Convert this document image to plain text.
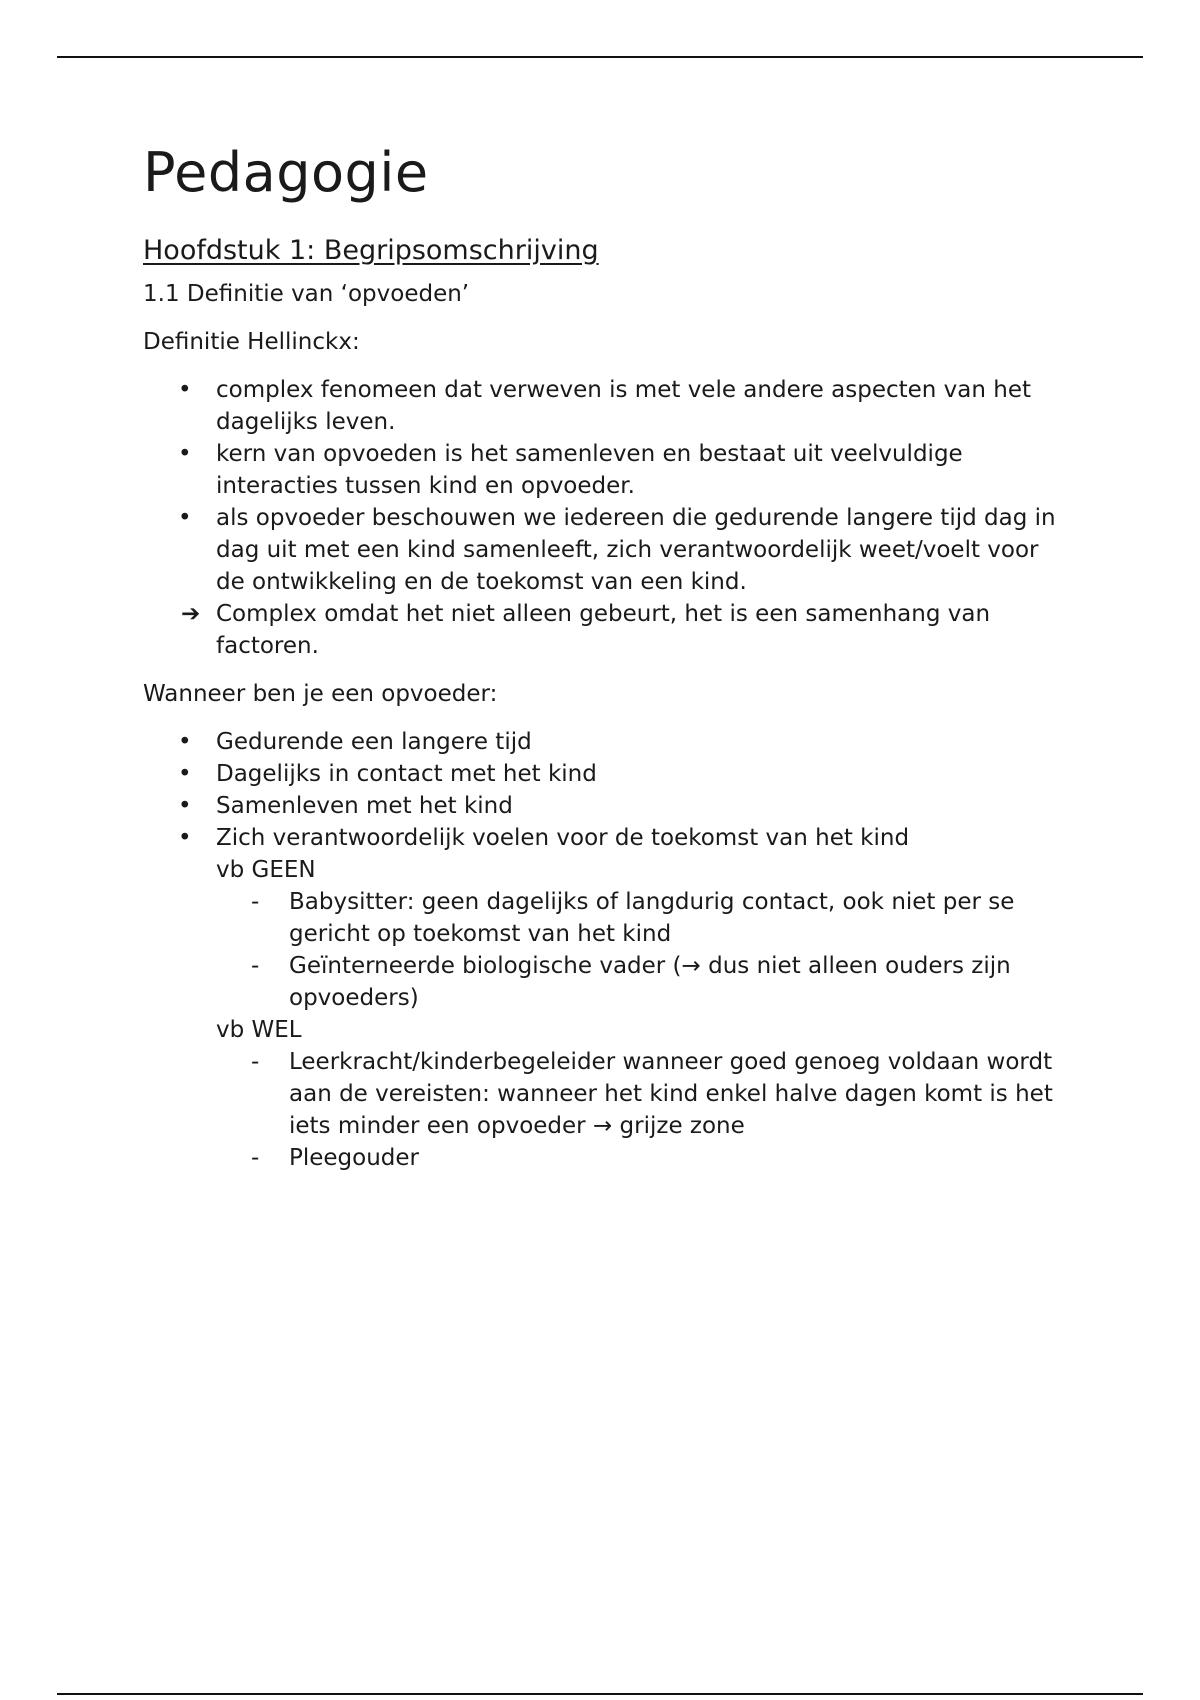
Pedagogie
Hoofdstuk 1: Begripsomschrijving

1.1 Definitie van ‘opvoeden’

Definitie Hellinckx:

•	complex fenomeen dat verweven is met vele andere aspecten van het dagelijks leven.
•	kern van opvoeden is het samenleven en bestaat uit veelvuldige interacties tussen kind en opvoeder.
•	als opvoeder beschouwen we iedereen die gedurende langere tijd dag in dag uit met een kind samenleeft, zich verantwoordelijk weet/voelt voor de ontwikkeling en de toekomst van een kind.
➔ Complex omdat het niet alleen gebeurt, het is een samenhang van factoren.

Wanneer ben je een opvoeder:

•	Gedurende een langere tijd
•	Dagelijks in contact met het kind
•	Samenleven met het kind
•	Zich verantwoordelijk voelen voor de toekomst van het kind
vb GEEN
- Babysitter: geen dagelijks of langdurig contact, ook niet per se gericht op toekomst van het kind
- Geïnterneerde biologische vader (→ dus niet alleen ouders zijn opvoeders)
vb WEL
- Leerkracht/kinderbegeleider wanneer goed genoeg voldaan wordt aan de vereisten: wanneer het kind enkel halve dagen komt is het iets minder een opvoeder → grijze zone
- Pleegouder
